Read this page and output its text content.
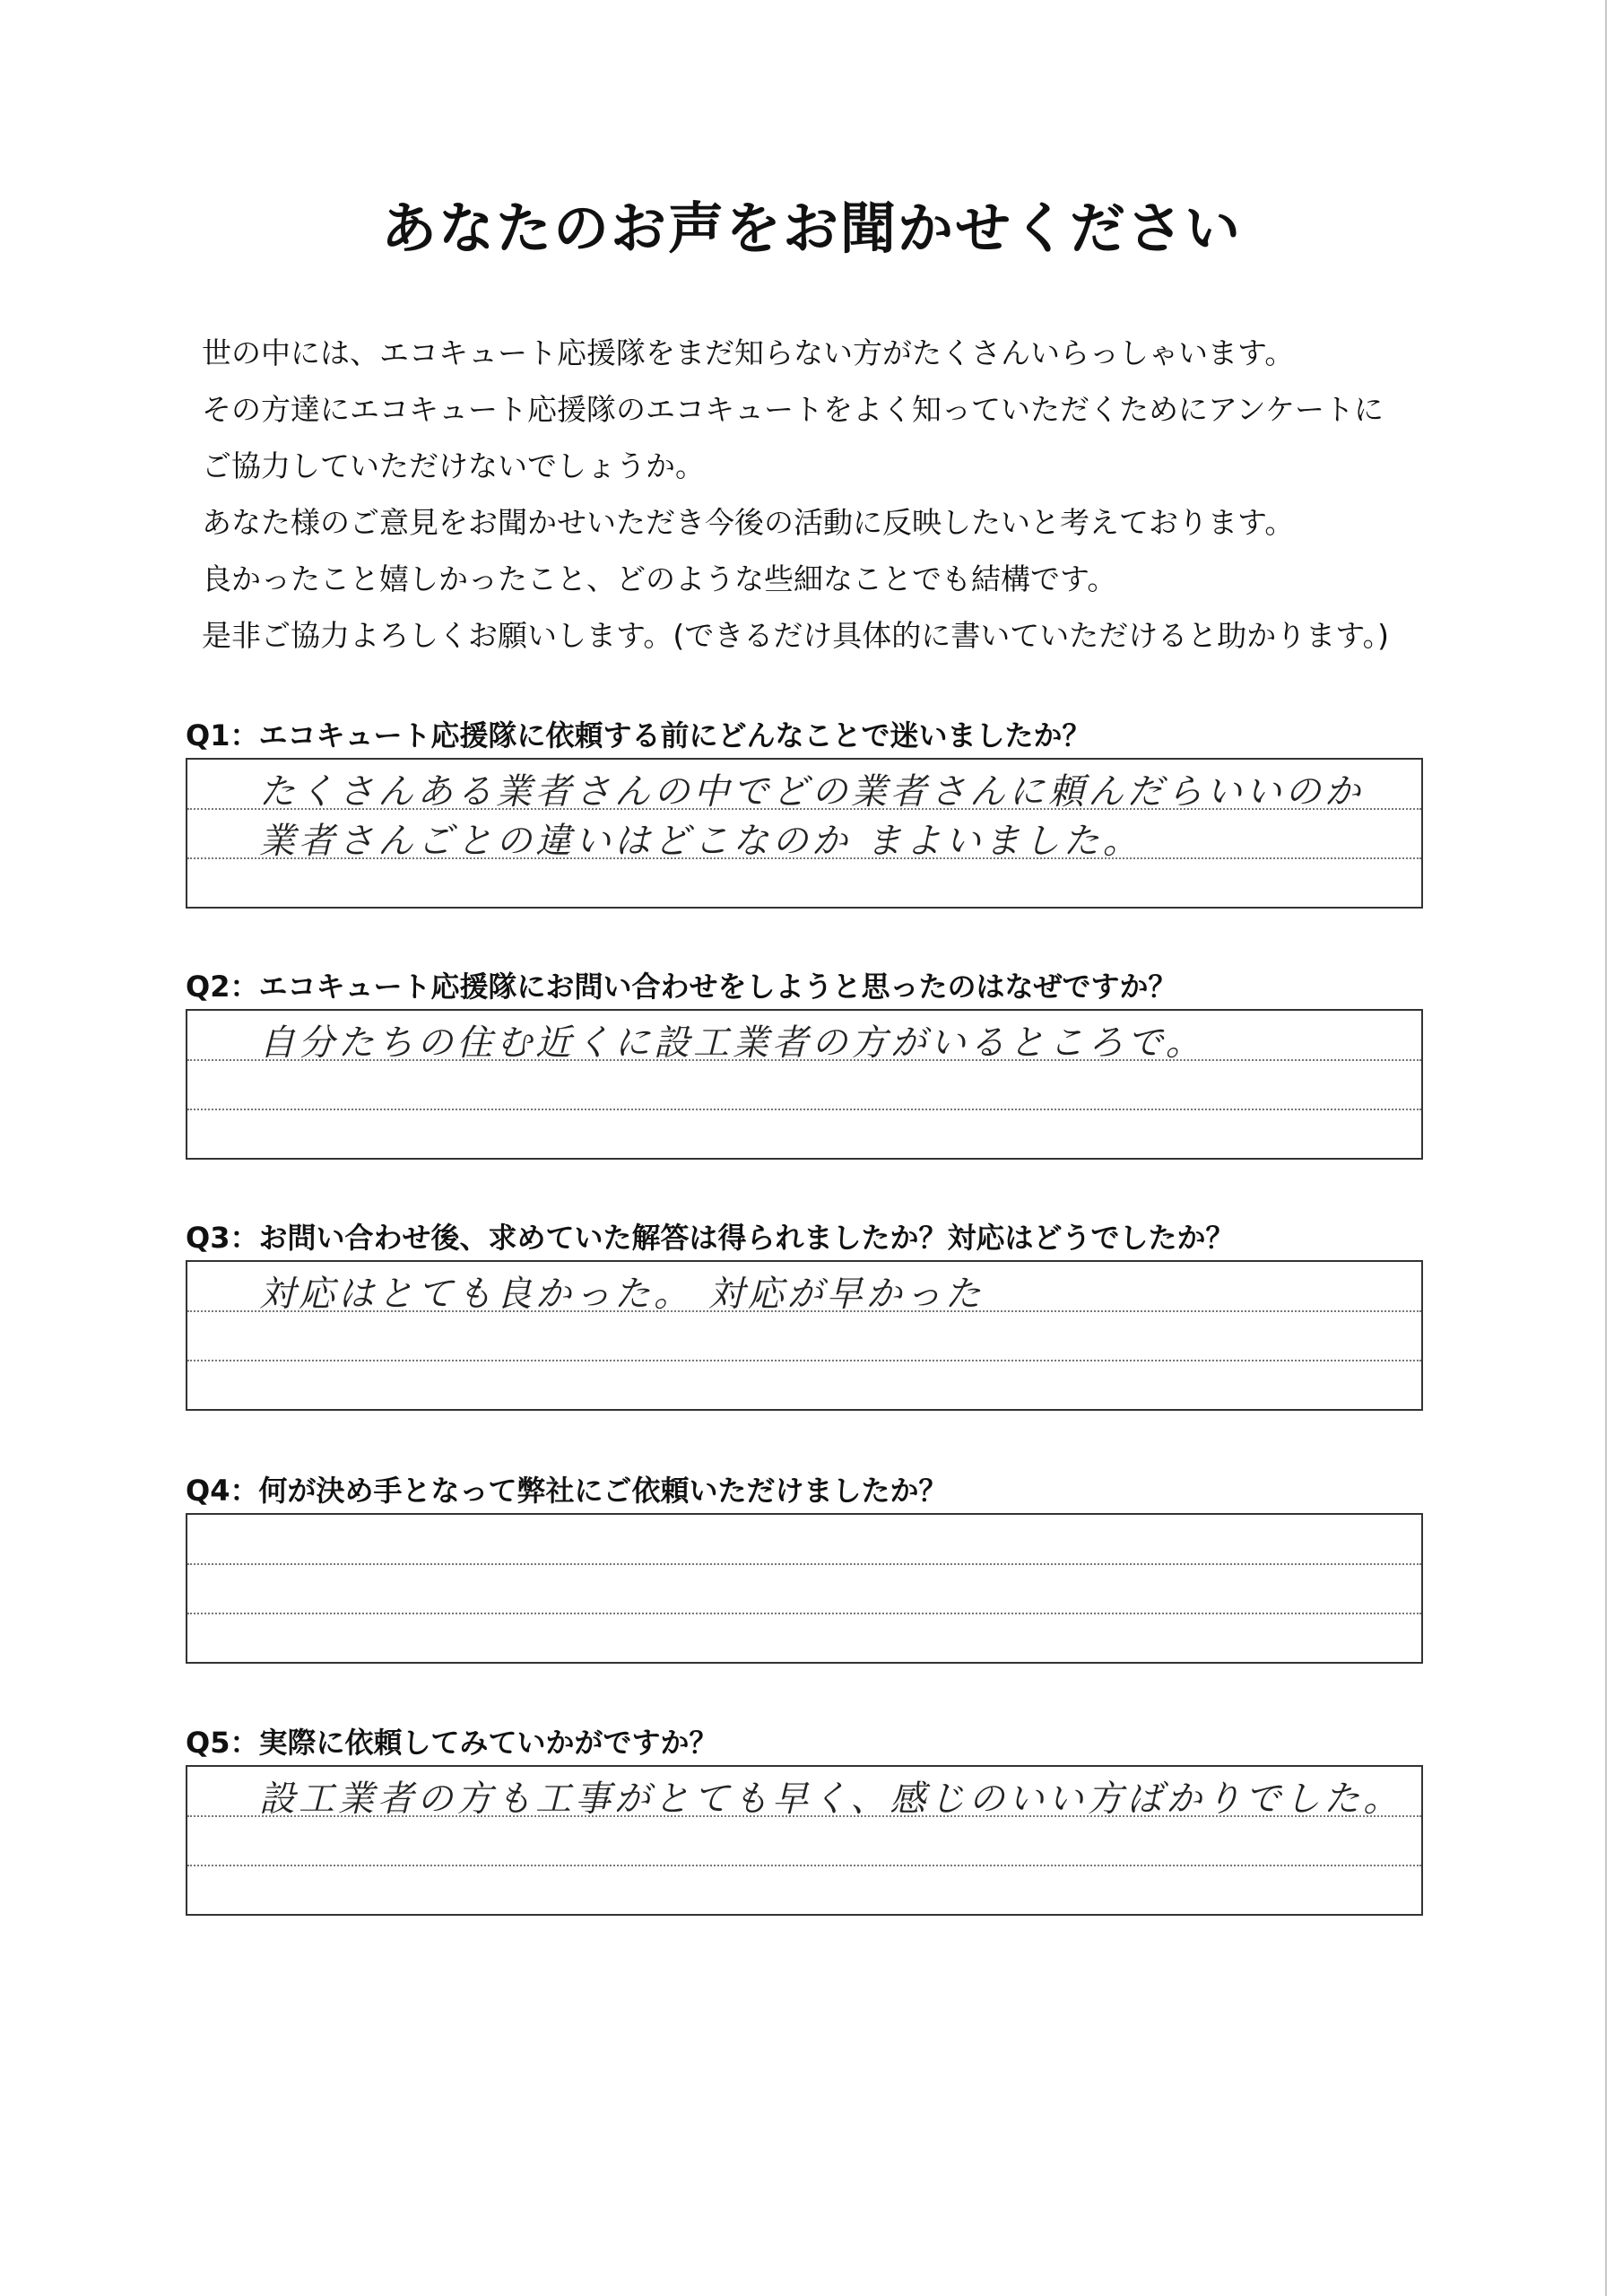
あなたのお声をお聞かせください
世の中には、エコキュート応援隊をまだ知らない方がたくさんいらっしゃいます。
その方達にエコキュート応援隊のエコキュートをよく知っていただくためにアンケートに
ご協力していただけないでしょうか。
あなた様のご意見をお聞かせいただき今後の活動に反映したいと考えております。
良かったこと嬉しかったこと、どのような些細なことでも結構です。
是非ご協力よろしくお願いします。(できるだけ具体的に書いていただけると助かります。)
Q1：エコキュート応援隊に依頼する前にどんなことで迷いましたか？
たくさんある業者さんの中でどの業者さんに頼んだらいいのか
業者さんごとの違いはどこなのか まよいました。
Q2：エコキュート応援隊にお問い合わせをしようと思ったのはなぜですか？
自分たちの住む近くに設工業者の方がいるところで。
Q3：お問い合わせ後、求めていた解答は得られましたか？対応はどうでしたか？
対応はとても良かった。 対応が早かった
Q4：何が決め手となって弊社にご依頼いただけましたか？
Q5：実際に依頼してみていかがですか？
設工業者の方も工事がとても早く、感じのいい方ばかりでした。
